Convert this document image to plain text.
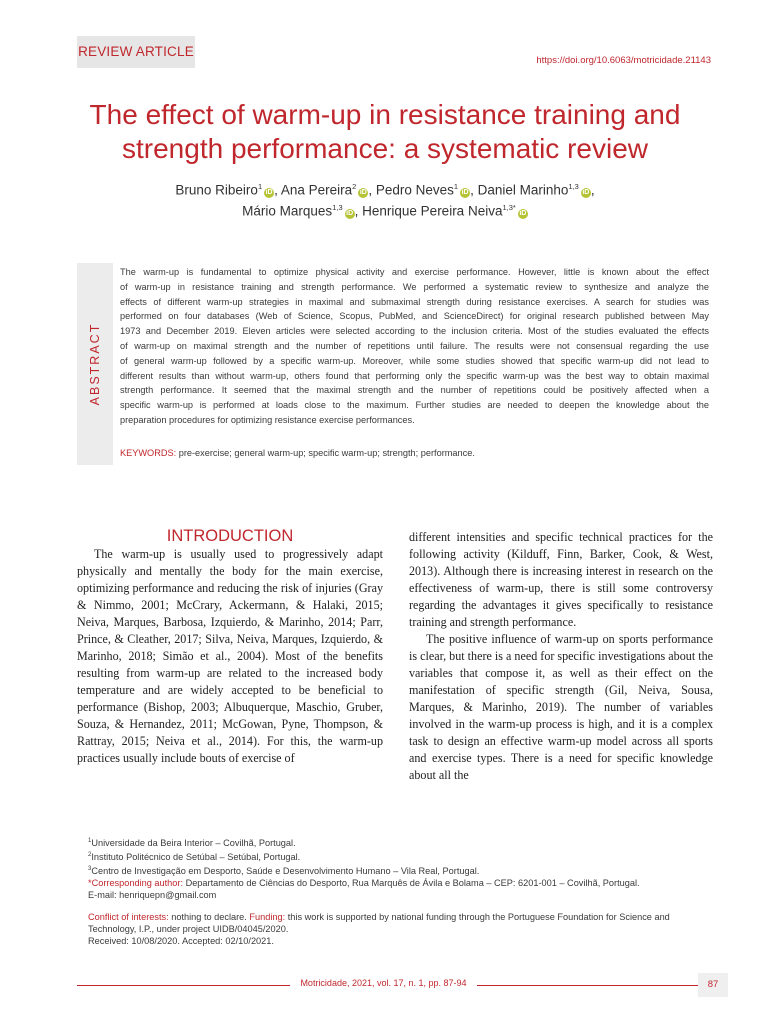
REVIEW ARTICLE
https://doi.org/10.6063/motricidade.21143
The effect of warm-up in resistance training and strength performance: a systematic review
Bruno Ribeiro$^1$iD , Ana Pereira$^2$iD , Pedro Neves$^1$iD , Daniel Marinho$^{1,3}$iD ,
Mário Marques$^{1,3}$iD , Henrique Pereira Neiva$^{1,3*}$iD
ABSTRACT
The warm-up is fundamental to optimize physical activity and exercise performance. However, little is known about the effect
of warm-up in resistance training and strength performance. We performed a systematic review to synthesize and analyze the
effects of different warm-up strategies in maximal and submaximal strength during resistance exercises. A search for studies was
performed on four databases (Web of Science, Scopus, PubMed, and ScienceDirect) for original research published between May
1973 and December 2019. Eleven articles were selected according to the inclusion criteria. Most of the studies evaluated the effects
of warm-up on maximal strength and the number of repetitions until failure. The results were not consensual regarding the use
of general warm-up followed by a specific warm-up. Moreover, while some studies showed that specific warm-up did not lead to
different results than without warm-up, others found that performing only the specific warm-up was the best way to obtain maximal
strength performance. It seemed that the maximal strength and the number of repetitions could be positively affected when a
specific warm-up is performed at loads close to the maximum. Further studies are needed to deepen the knowledge about the
preparation procedures for optimizing resistance exercise performances.
KEYWORDS: pre-exercise; general warm-up; specific warm-up; strength; performance.
INTRODUCTION

The warm-up is usually used to progressively adapt physically and mentally the body for the main exercise, optimizing performance and reducing the risk of injuries (Gray & Nimmo, 2001; McCrary, Ackermann, & Halaki, 2015; Neiva, Marques, Barbosa, Izquierdo, & Marinho, 2014; Parr, Prince, & Cleather, 2017; Silva, Neiva, Marques, Izquierdo, & Marinho, 2018; Simão et al., 2004). Most of the benefits resulting from warm-up are related to the increased body temperature and are widely accepted to be beneficial to performance (Bishop, 2003; Albuquerque, Maschio, Gruber, Souza, & Hernandez, 2011; McGowan, Pyne, Thompson, & Rattray, 2015; Neiva et al., 2014). For this, the warm-up practices usually include bouts of exercise of

different intensities and specific technical practices for the following activity (Kilduff, Finn, Barker, Cook, & West, 2013). Although there is increasing interest in research on the effectiveness of warm-up, there is still some controversy regarding the advantages it gives specifically to resistance training and strength performance.

The positive influence of warm-up on sports performance is clear, but there is a need for specific investigations about the variables that compose it, as well as their effect on the manifestation of specific strength (Gil, Neiva, Sousa, Marques, & Marinho, 2019). The number of variables involved in the warm-up process is high, and it is a complex task to design an effective warm-up model across all sports and exercise types. There is a need for specific knowledge about all the

$^1$Universidade da Beira Interior – Covilhã, Portugal.
$^2$Instituto Politécnico de Setúbal – Setúbal, Portugal.
$^3$Centro de Investigação em Desporto, Saúde e Desenvolvimento Humano – Vila Real, Portugal.
*Corresponding author: Departamento de Ciências do Desporto, Rua Marquês de Ávila e Bolama – CEP: 6201-001 – Covilhã, Portugal.
E-mail: henriquepn@gmail.com
Conflict of interests: nothing to declare. Funding: this work is supported by national funding through the Portuguese Foundation for Science and Technology, I.P., under project UIDB/04045/2020.
Received: 10/08/2020. Accepted: 02/10/2021.
Motricidade, 2021, vol. 17, n. 1, pp. 87-94	87
